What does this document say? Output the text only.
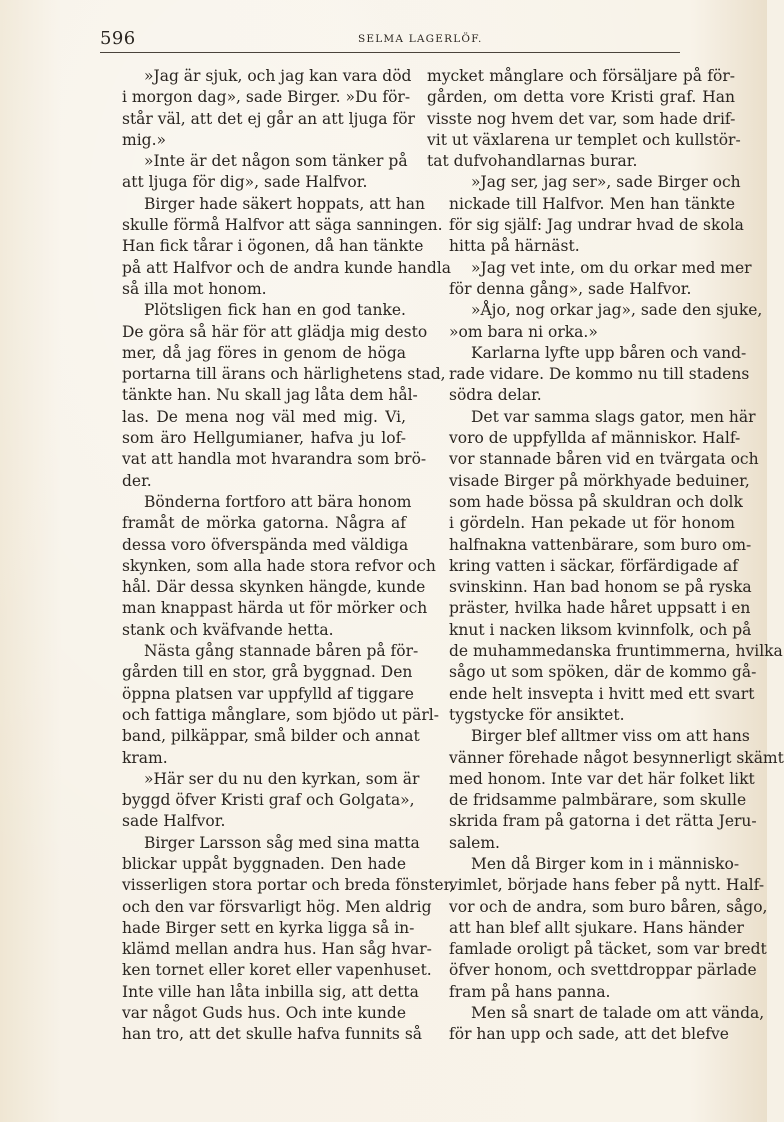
596	SELMA LAGERLÖF.

»Jag är sjuk, och jag kan vara död
i morgon dag», sade Birger. »Du för-
står väl, att det ej går an att ljuga för
mig.»

»Inte är det någon som tänker på
att ljuga för dig», sade Halfvor.

Birger hade säkert hoppats, att han
skulle förmå Halfvor att säga sanningen.
Han fick tårar i ögonen, då han tänkte
på att Halfvor och de andra kunde handla
så illa mot honom.

Plötsligen fick han en god tanke.
De göra så här för att glädja mig desto
mer, då jag föres in genom de höga
portarna till ärans och härlighetens stad,
tänkte han. Nu skall jag låta dem hål-
las. De mena nog väl med mig. Vi,
som äro Hellgumianer, hafva ju lof-
vat att handla mot hvarandra som brö-
der.

Bönderna fortforo att bära honom
framåt de mörka gatorna. Några af
dessa voro öfverspända med väldiga
skynken, som alla hade stora refvor och
hål. Där dessa skynken hängde, kunde
man knappast härda ut för mörker och
stank och kväfvande hetta.

Nästa gång stannade båren på för-
gården till en stor, grå byggnad. Den
öppna platsen var uppfylld af tiggare
och fattiga månglare, som bjödo ut pärl-
band, pilkäppar, små bilder och annat
kram.

»Här ser du nu den kyrkan, som är
byggd öfver Kristi graf och Golgata»,
sade Halfvor.

Birger Larsson såg med sina matta
blickar uppåt byggnaden. Den hade
visserligen stora portar och breda fönster,
och den var försvarligt hög. Men aldrig
hade Birger sett en kyrka ligga så in-
klämd mellan andra hus. Han såg hvar-
ken tornet eller koret eller vapenhuset.
Inte ville han låta inbilla sig, att detta
var något Guds hus. Och inte kunde
han tro, att det skulle hafva funnits så

mycket månglare och försäljare på för-
gården, om detta vore Kristi graf. Han
visste nog hvem det var, som hade drif-
vit ut växlarena ur templet och kullstör-
tat dufvohandlarnas burar.

»Jag ser, jag ser», sade Birger och
nickade till Halfvor. Men han tänkte
för sig själf: Jag undrar hvad de skola
hitta på härnäst.

»Jag vet inte, om du orkar med mer
för denna gång», sade Halfvor.

»Åjo, nog orkar jag», sade den sjuke,
»om bara ni orka.»

Karlarna lyfte upp båren och vand-
rade vidare. De kommo nu till stadens
södra delar.

Det var samma slags gator, men här
voro de uppfyllda af människor. Half-
vor stannade båren vid en tvärgata och
visade Birger på mörkhyade beduiner,
som hade bössa på skuldran och dolk
i gördeln. Han pekade ut för honom
halfnakna vattenbärare, som buro om-
kring vatten i säckar, förfärdigade af
svinskinn. Han bad honom se på ryska
präster, hvilka hade håret uppsatt i en
knut i nacken liksom kvinnfolk, och på
de muhammedanska fruntimmerna, hvilka
sågo ut som spöken, där de kommo gå-
ende helt insvepta i hvitt med ett svart
tygstycke för ansiktet.

Birger blef alltmer viss om att hans
vänner förehade något besynnerligt skämt
med honom. Inte var det här folket likt
de fridsamme palmbärare, som skulle
skrida fram på gatorna i det rätta Jeru-
salem.

Men då Birger kom in i människo-
vimlet, började hans feber på nytt. Half-
vor och de andra, som buro båren, sågo,
att han blef allt sjukare. Hans händer
famlade oroligt på täcket, som var bredt
öfver honom, och svettdroppar pärlade
fram på hans panna.

Men så snart de talade om att vända,
för han upp och sade, att det blefve
